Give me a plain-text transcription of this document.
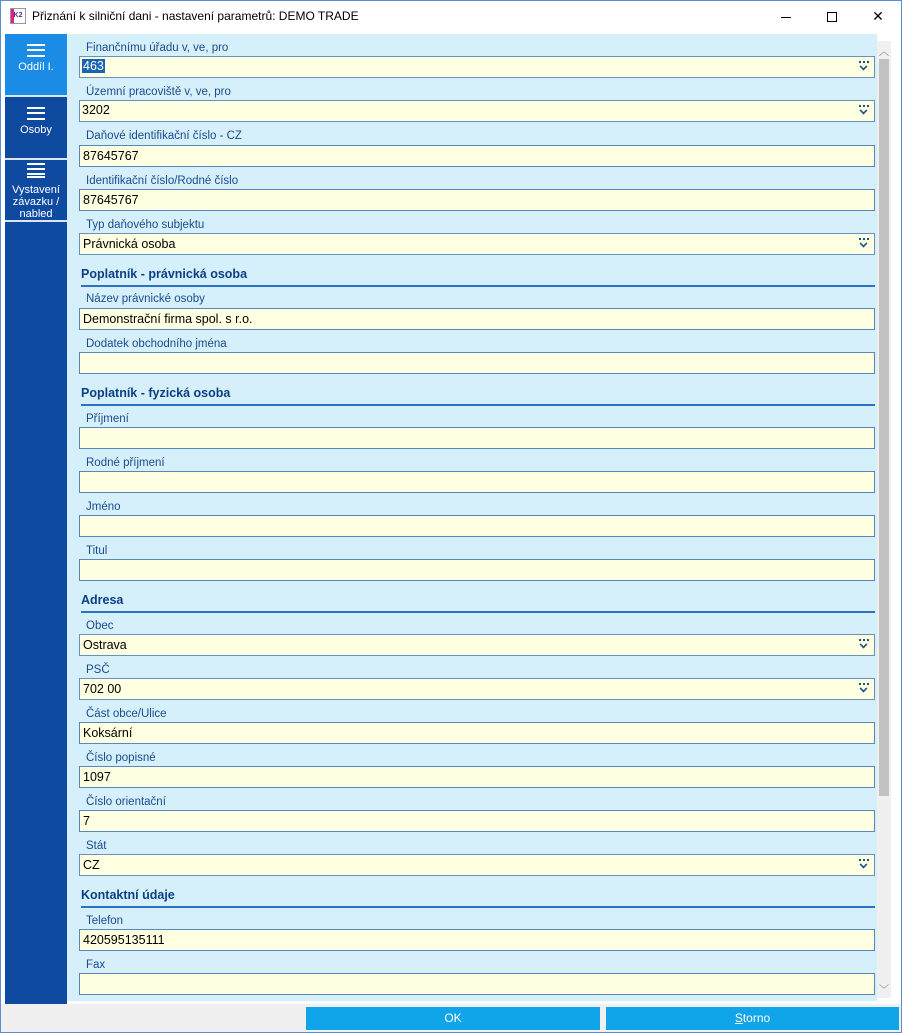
K2 Přiznání k silniční dani - nastavení parametrů: DEMO TRADE	✕
Oddíl I.
Osoby
Vystavení závazku / nabled
Finančnímu úřadu v, ve, pro
463
Územní pracoviště v, ve, pro
3202
Daňové identifikační číslo - CZ
87645767
Identifikační číslo/Rodné číslo
87645767
Typ daňového subjektu
Právnická osoba
Poplatník - právnická osoba
Název právnické osoby
Demonstrační firma spol. s r.o.
Dodatek obchodního jména
Poplatník - fyzická osoba
Příjmení
Rodné příjmení
Jméno
Titul
Adresa
Obec
Ostrava
PSČ
702 00
Část obce/Ulice
Koksární
Číslo popisné
1097
Číslo orientační
7
Stát
CZ
Kontaktní údaje
Telefon
420595135111
Fax
︿
﹀
OK	Storno
